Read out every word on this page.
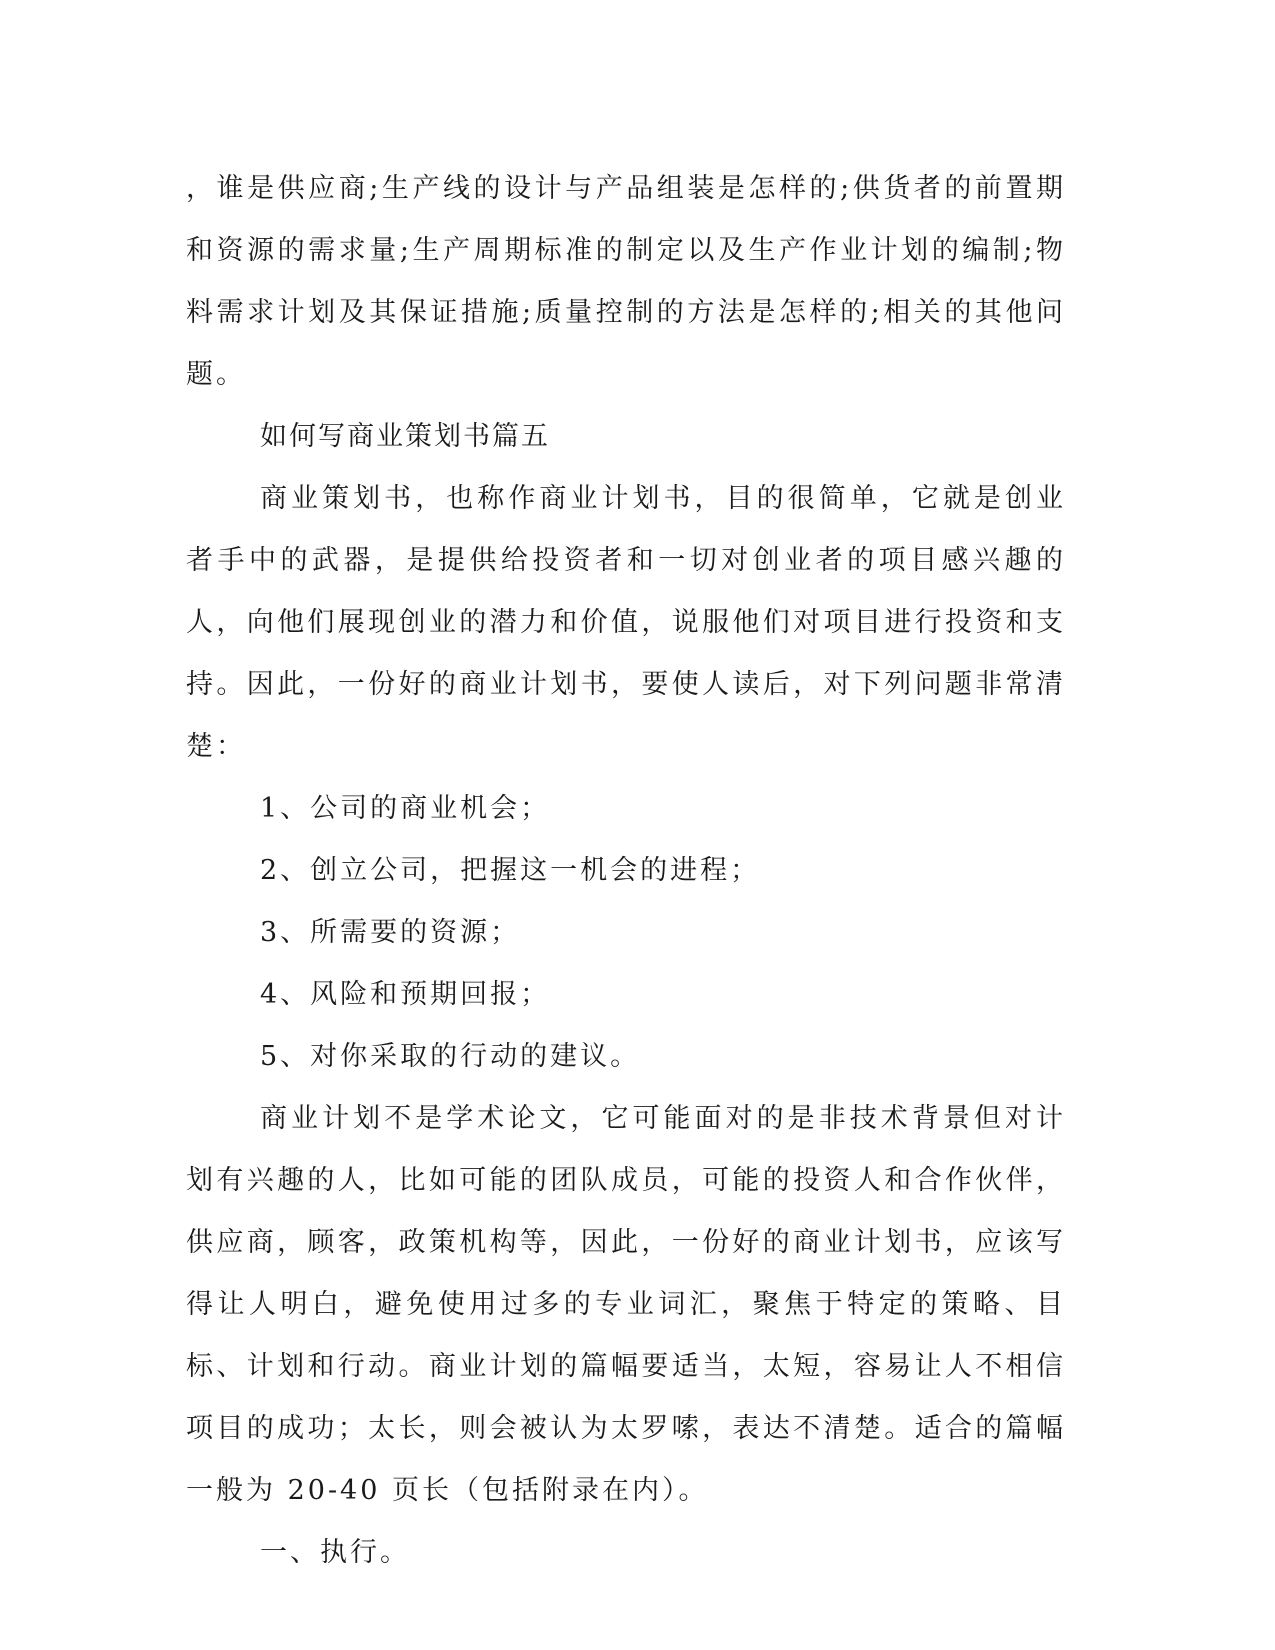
，谁是供应商;生产线的设计与产品组装是怎样的;供货者的前置期和资源的需求量;生产周期标准的制定以及生产作业计划的编制;物料需求计划及其保证措施;质量控制的方法是怎样的;相关的其他问题。

如何写商业策划书篇五

商业策划书，也称作商业计划书，目的很简单，它就是创业者手中的武器，是提供给投资者和一切对创业者的项目感兴趣的人，向他们展现创业的潜力和价值，说服他们对项目进行投资和支持。因此，一份好的商业计划书，要使人读后，对下列问题非常清楚：

1、公司的商业机会；

2、创立公司，把握这一机会的进程；

3、所需要的资源；

4、风险和预期回报；

5、对你采取的行动的建议。

商业计划不是学术论文，它可能面对的是非技术背景但对计划有兴趣的人，比如可能的团队成员，可能的投资人和合作伙伴，供应商，顾客，政策机构等，因此，一份好的商业计划书，应该写得让人明白，避免使用过多的专业词汇，聚焦于特定的策略、目标、计划和行动。商业计划的篇幅要适当，太短，容易让人不相信项目的成功；太长，则会被认为太罗嗦，表达不清楚。适合的篇幅一般为 20-40 页长（包括附录在内）。

一、执行。
